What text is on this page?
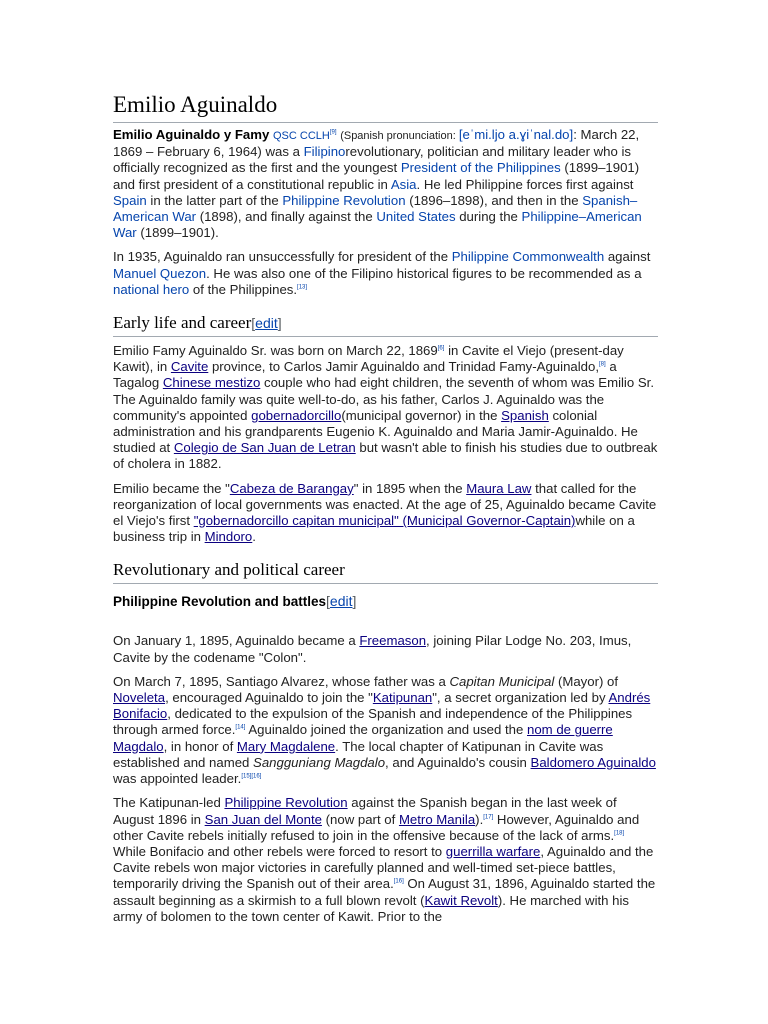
Emilio Aguinaldo

Emilio Aguinaldo y Famy QSC CCLH[9] (Spanish pronunciation: [eˈmi.ljo a.ɣiˈnal.do]: March 22, 1869 – February 6, 1964) was a Filipinorevolutionary, politician and military leader who is officially recognized as the first and the youngest President of the Philippines (1899–1901) and first president of a constitutional republic in Asia. He led Philippine forces first against Spain in the latter part of the Philippine Revolution (1896–1898), and then in the Spanish–American War (1898), and finally against the United States during the Philippine–American War (1899–1901).

In 1935, Aguinaldo ran unsuccessfully for president of the Philippine Commonwealth against Manuel Quezon. He was also one of the Filipino historical figures to be recommended as a national hero of the Philippines.[13]

Early life and career[edit]

Emilio Famy Aguinaldo Sr. was born on March 22, 1869[6] in Cavite el Viejo (present-day Kawit), in Cavite province, to Carlos Jamir Aguinaldo and Trinidad Famy-Aguinaldo,[8] a Tagalog Chinese mestizo couple who had eight children, the seventh of whom was Emilio Sr. The Aguinaldo family was quite well-to-do, as his father, Carlos J. Aguinaldo was the community's appointed gobernadorcillo(municipal governor) in the Spanish colonial administration and his grandparents Eugenio K. Aguinaldo and Maria Jamir-Aguinaldo. He studied at Colegio de San Juan de Letran but wasn't able to finish his studies due to outbreak of cholera in 1882.

Emilio became the "Cabeza de Barangay" in 1895 when the Maura Law that called for the reorganization of local governments was enacted. At the age of 25, Aguinaldo became Cavite el Viejo's first "gobernadorcillo capitan municipal" (Municipal Governor-Captain)while on a business trip in Mindoro.

Revolutionary and political career
Philippine Revolution and battles[edit]

On January 1, 1895, Aguinaldo became a Freemason, joining Pilar Lodge No. 203, Imus, Cavite by the codename "Colon".

On March 7, 1895, Santiago Alvarez, whose father was a Capitan Municipal (Mayor) of Noveleta, encouraged Aguinaldo to join the "Katipunan", a secret organization led by Andrés Bonifacio, dedicated to the expulsion of the Spanish and independence of the Philippines through armed force.[14] Aguinaldo joined the organization and used the nom de guerre Magdalo, in honor of Mary Magdalene. The local chapter of Katipunan in Cavite was established and named Sangguniang Magdalo, and Aguinaldo's cousin Baldomero Aguinaldo was appointed leader.[15][16]

The Katipunan-led Philippine Revolution against the Spanish began in the last week of August 1896 in San Juan del Monte (now part of Metro Manila).[17] However, Aguinaldo and other Cavite rebels initially refused to join in the offensive because of the lack of arms.[18] While Bonifacio and other rebels were forced to resort to guerrilla warfare, Aguinaldo and the Cavite rebels won major victories in carefully planned and well-timed set-piece battles, temporarily driving the Spanish out of their area.[16] On August 31, 1896, Aguinaldo started the assault beginning as a skirmish to a full blown revolt (Kawit Revolt). He marched with his army of bolomen to the town center of Kawit. Prior to the
